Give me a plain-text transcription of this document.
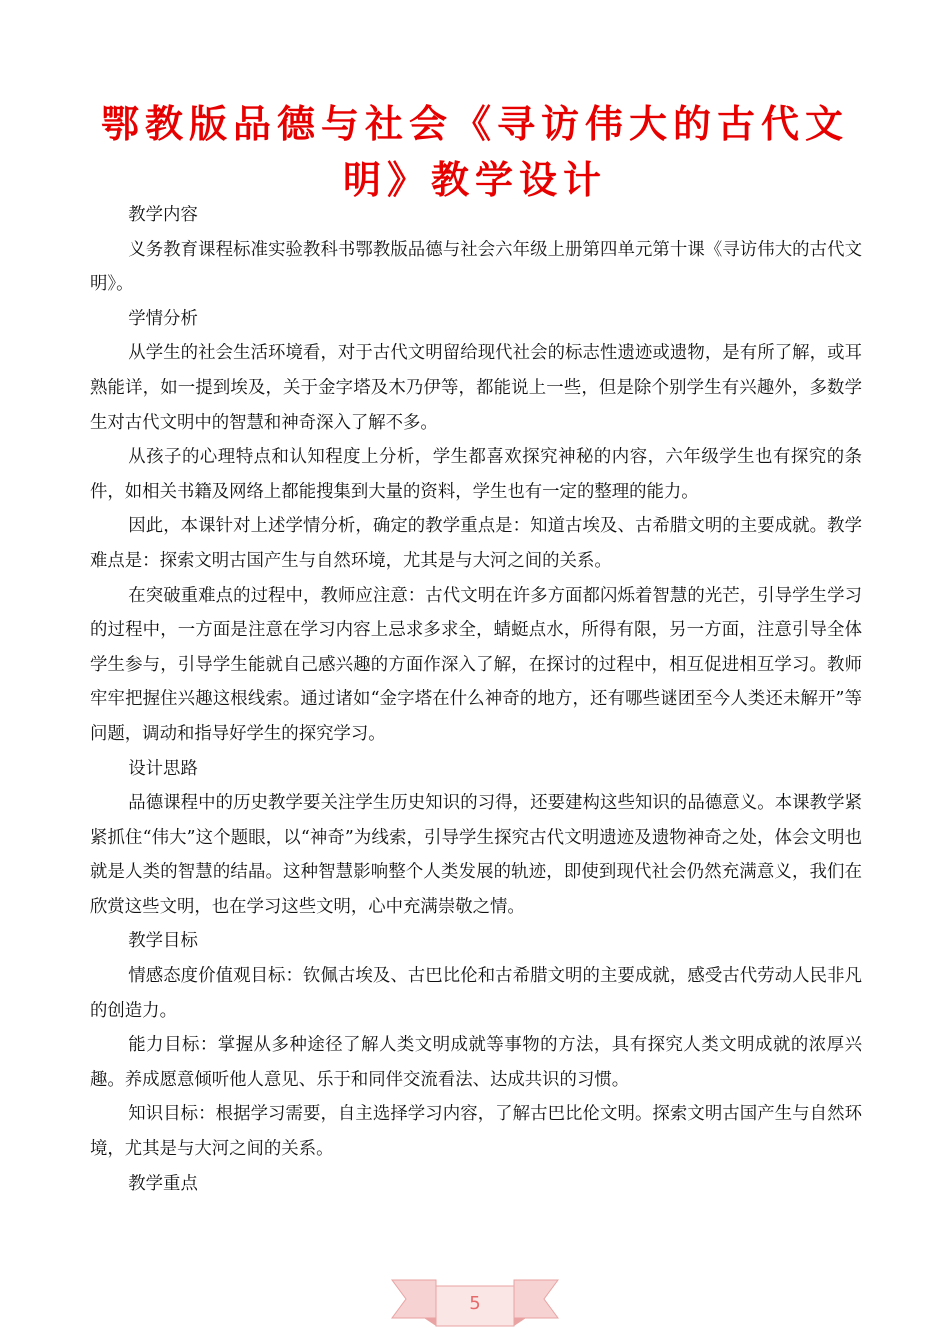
鄂教版品德与社会《寻访伟大的古代文明》教学设计

教学内容

义务教育课程标准实验教科书鄂教版品德与社会六年级上册第四单元第十课《寻访伟大的古代文明》。

学情分析

从学生的社会生活环境看，对于古代文明留给现代社会的标志性遗迹或遗物，是有所了解，或耳熟能详，如一提到埃及，关于金字塔及木乃伊等，都能说上一些，但是除个别学生有兴趣外，多数学生对古代文明中的智慧和神奇深入了解不多。

从孩子的心理特点和认知程度上分析，学生都喜欢探究神秘的内容，六年级学生也有探究的条件，如相关书籍及网络上都能搜集到大量的资料，学生也有一定的整理的能力。

因此，本课针对上述学情分析，确定的教学重点是：知道古埃及、古希腊文明的主要成就。教学难点是：探索文明古国产生与自然环境，尤其是与大河之间的关系。

在突破重难点的过程中，教师应注意：古代文明在许多方面都闪烁着智慧的光芒，引导学生学习的过程中，一方面是注意在学习内容上忌求多求全，蜻蜓点水，所得有限，另一方面，注意引导全体学生参与，引导学生能就自己感兴趣的方面作深入了解，在探讨的过程中，相互促进相互学习。教师牢牢把握住兴趣这根线索。通过诸如“金字塔在什么神奇的地方，还有哪些谜团至今人类还未解开”等问题，调动和指导好学生的探究学习。

设计思路

品德课程中的历史教学要关注学生历史知识的习得，还要建构这些知识的品德意义。本课教学紧紧抓住“伟大”这个题眼，以“神奇”为线索，引导学生探究古代文明遗迹及遗物神奇之处，体会文明也就是人类的智慧的结晶。这种智慧影响整个人类发展的轨迹，即使到现代社会仍然充满意义，我们在欣赏这些文明，也在学习这些文明，心中充满崇敬之情。

教学目标

情感态度价值观目标：钦佩古埃及、古巴比伦和古希腊文明的主要成就，感受古代劳动人民非凡的创造力。

能力目标：掌握从多种途径了解人类文明成就等事物的方法，具有探究人类文明成就的浓厚兴趣。养成愿意倾听他人意见、乐于和同伴交流看法、达成共识的习惯。

知识目标：根据学习需要，自主选择学习内容，了解古巴比伦文明。探索文明古国产生与自然环境，尤其是与大河之间的关系。

教学重点

5
